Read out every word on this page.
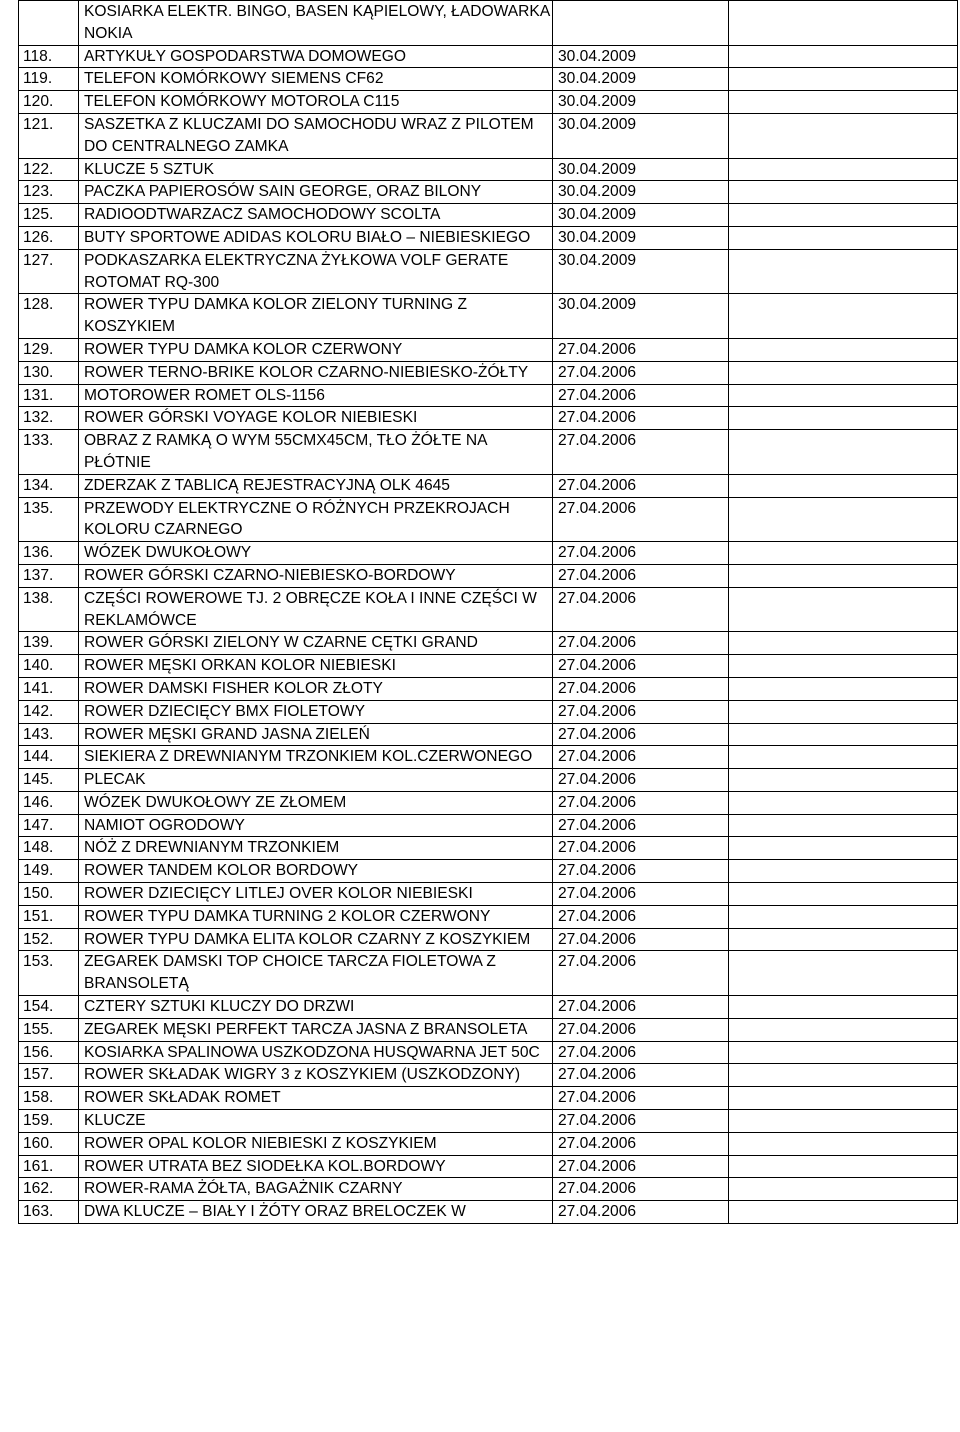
	KOSIARKA ELEKTR. BINGO, BASEN KĄPIELOWY, ŁADOWARKA NOKIA		
118.	ARTYKUŁY GOSPODARSTWA DOMOWEGO	30.04.2009	
119.	TELEFON KOMÓRKOWY SIEMENS CF62	30.04.2009	
120.	TELEFON KOMÓRKOWY MOTOROLA C115	30.04.2009	
121.	SASZETKA Z KLUCZAMI DO SAMOCHODU WRAZ Z PILOTEM DO CENTRALNEGO ZAMKA	30.04.2009	
122.	KLUCZE 5 SZTUK	30.04.2009	
123.	PACZKA PAPIEROSÓW SAIN GEORGE, ORAZ BILONY	30.04.2009	
125.	RADIOODTWARZACZ SAMOCHODOWY SCOLTA	30.04.2009	
126.	BUTY SPORTOWE ADIDAS KOLORU BIAŁO – NIEBIESKIEGO	30.04.2009	
127.	PODKASZARKA ELEKTRYCZNA ŻYŁKOWA VOLF GERATE ROTOMAT RQ-300	30.04.2009	
128.	ROWER TYPU DAMKA KOLOR ZIELONY TURNING Z KOSZYKIEM	30.04.2009	
129.	ROWER TYPU DAMKA KOLOR CZERWONY	27.04.2006	
130.	ROWER TERNO-BRIKE KOLOR CZARNO-NIEBIESKO-ŻÓŁTY	27.04.2006	
131.	MOTOROWER ROMET OLS-1156	27.04.2006	
132.	ROWER GÓRSKI VOYAGE KOLOR NIEBIESKI	27.04.2006	
133.	OBRAZ Z RAMKĄ O WYM 55CMX45CM, TŁO ŻÓŁTE NA PŁÓTNIE	27.04.2006	
134.	ZDERZAK Z TABLICĄ REJESTRACYJNĄ OLK 4645	27.04.2006	
135.	PRZEWODY ELEKTRYCZNE O RÓŻNYCH PRZEKROJACH KOLORU CZARNEGO	27.04.2006	
136.	WÓZEK DWUKOŁOWY	27.04.2006	
137.	ROWER GÓRSKI CZARNO-NIEBIESKO-BORDOWY	27.04.2006	
138.	CZĘŚCI ROWEROWE TJ. 2 OBRĘCZE KOŁA I INNE CZĘŚCI W REKLAMÓWCE	27.04.2006	
139.	ROWER GÓRSKI ZIELONY W CZARNE CĘTKI GRAND	27.04.2006	
140.	ROWER MĘSKI ORKAN KOLOR NIEBIESKI	27.04.2006	
141.	ROWER DAMSKI FISHER KOLOR ZŁOTY	27.04.2006	
142.	ROWER DZIECIĘCY BMX FIOLETOWY	27.04.2006	
143.	ROWER MĘSKI GRAND JASNA ZIELEŃ	27.04.2006	
144.	SIEKIERA Z DREWNIANYM TRZONKIEM KOL.CZERWONEGO	27.04.2006	
145.	PLECAK	27.04.2006	
146.	WÓZEK DWUKOŁOWY ZE ZŁOMEM	27.04.2006	
147.	NAMIOT OGRODOWY	27.04.2006	
148.	NÓŻ Z DREWNIANYM TRZONKIEM	27.04.2006	
149.	ROWER TANDEM KOLOR BORDOWY	27.04.2006	
150.	ROWER DZIECIĘCY LITLEJ OVER KOLOR NIEBIESKI	27.04.2006	
151.	ROWER TYPU DAMKA TURNING 2 KOLOR CZERWONY	27.04.2006	
152.	ROWER TYPU DAMKA ELITA KOLOR CZARNY Z KOSZYKIEM	27.04.2006	
153.	ZEGAREK DAMSKI TOP CHOICE TARCZA FIOLETOWA Z BRANSOLETĄ	27.04.2006	
154.	CZTERY SZTUKI KLUCZY DO DRZWI	27.04.2006	
155.	ZEGAREK MĘSKI PERFEKT TARCZA JASNA Z BRANSOLETA	27.04.2006	
156.	KOSIARKA SPALINOWA USZKODZONA HUSQWARNA JET 50C	27.04.2006	
157.	ROWER SKŁADAK WIGRY 3 z KOSZYKIEM (USZKODZONY)	27.04.2006	
158.	ROWER SKŁADAK ROMET	27.04.2006	
159.	KLUCZE	27.04.2006	
160.	ROWER OPAL KOLOR NIEBIESKI Z KOSZYKIEM	27.04.2006	
161.	ROWER UTRATA BEZ SIODEŁKA KOL.BORDOWY	27.04.2006	
162.	ROWER-RAMA ŻÓŁTA, BAGAŻNIK CZARNY	27.04.2006	
163.	DWA KLUCZE – BIAŁY I ŻÓTY ORAZ BRELOCZEK W	27.04.2006	
